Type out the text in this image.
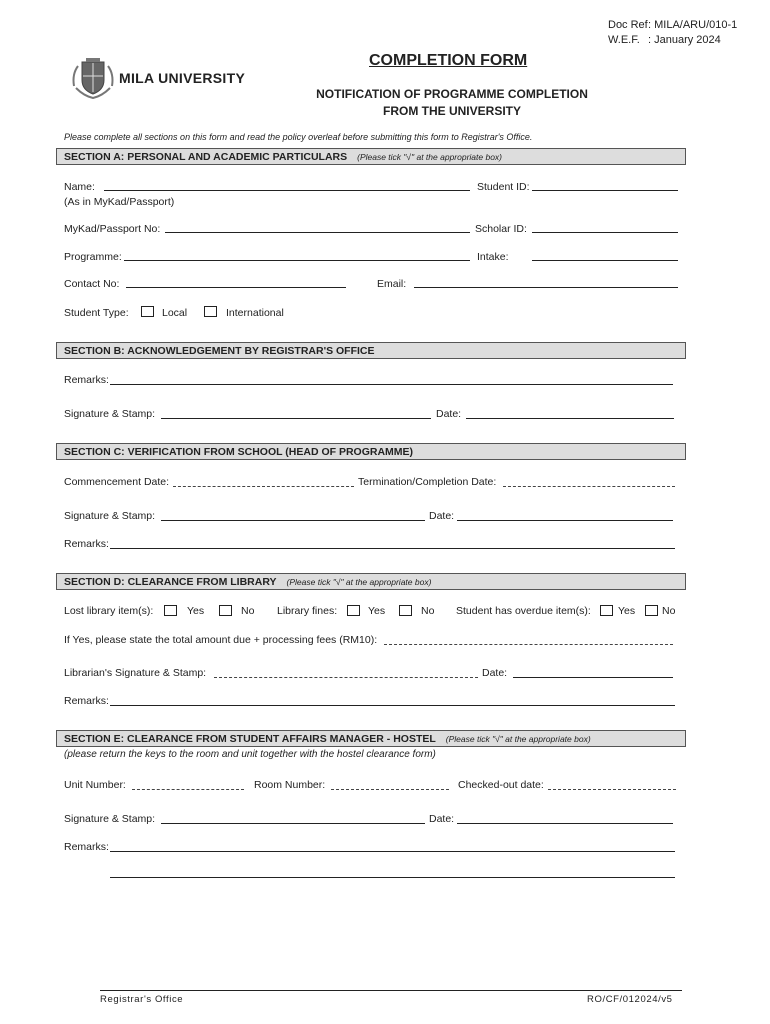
Doc Ref: MILA/ARU/010-1
W.E.F. : January 2024
MILA UNIVERSITY
COMPLETION FORM
NOTIFICATION OF PROGRAMME COMPLETION
FROM THE UNIVERSITY
Please complete all sections on this form and read the policy overleaf before submitting this form to Registrar's Office.
SECTION A: PERSONAL AND ACADEMIC PARTICULARS (Please tick "√" at the appropriate box)
Name:
(As in MyKad/Passport)
Student ID:
MyKad/Passport No:	Scholar ID:
Programme:	Intake:
Contact No:	Email:
Student Type:	Local	International
SECTION B: ACKNOWLEDGEMENT BY REGISTRAR'S OFFICE
Remarks:
Signature & Stamp:	Date:
SECTION C: VERIFICATION FROM SCHOOL (HEAD OF PROGRAMME)
Commencement Date:	Termination/Completion Date:
Signature & Stamp:	Date:
Remarks:
SECTION D: CLEARANCE FROM LIBRARY (Please tick "√" at the appropriate box)
Lost library item(s):	Yes	No Library fines:	Yes	No Student has overdue item(s):	Yes	No
If Yes, please state the total amount due + processing fees (RM10):
Librarian's Signature & Stamp:	Date:
Remarks:
SECTION E: CLEARANCE FROM STUDENT AFFAIRS MANAGER - HOSTEL (Please tick "√" at the appropriate box)
(please return the keys to the room and unit together with the hostel clearance form)
Unit Number:	Room Number:	Checked-out date:
Signature & Stamp:	Date:
Remarks:
Registrar's Office	RO/CF/012024/v5
